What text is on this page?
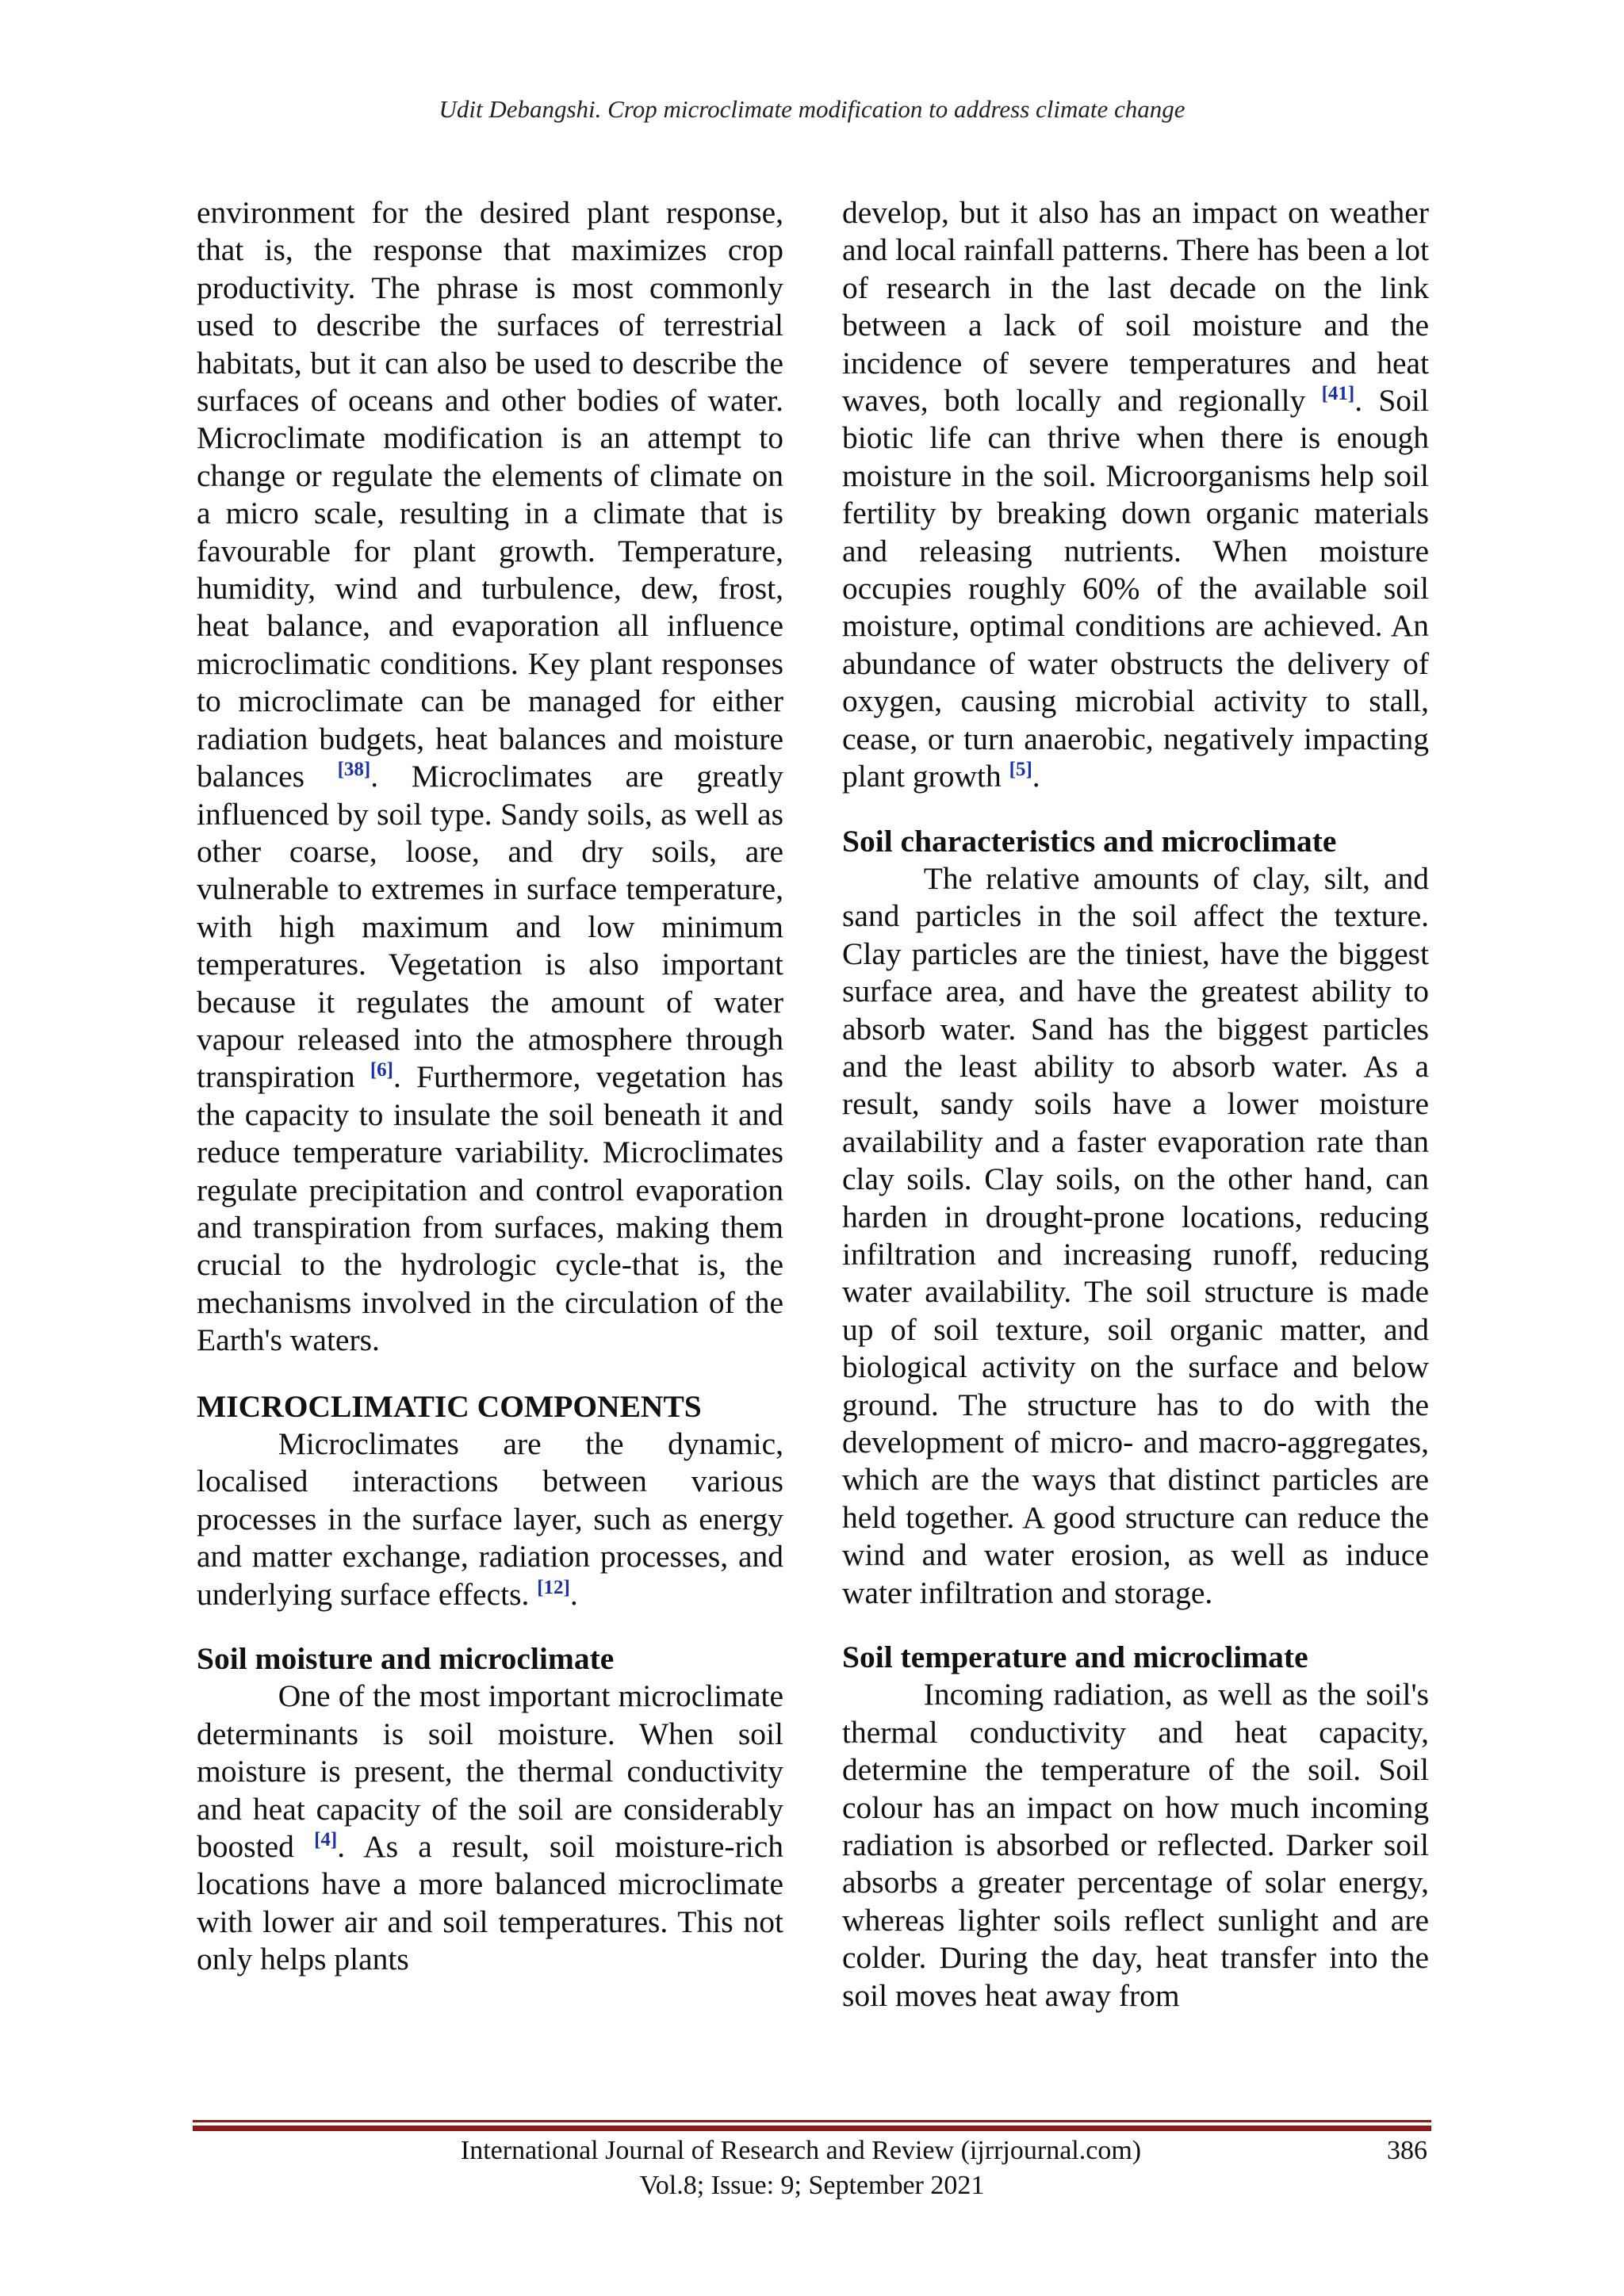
Udit Debangshi. Crop microclimate modification to address climate change

environment for the desired plant response, that is, the response that maximizes crop productivity. The phrase is most commonly used to describe the surfaces of terrestrial habitats, but it can also be used to describe the surfaces of oceans and other bodies of water. Microclimate modification is an attempt to change or regulate the elements of climate on a micro scale, resulting in a climate that is favourable for plant growth. Temperature, humidity, wind and turbulence, dew, frost, heat balance, and evaporation all influence microclimatic conditions. Key plant responses to microclimate can be managed for either radiation budgets, heat balances and moisture balances [38]. Microclimates are greatly influenced by soil type. Sandy soils, as well as other coarse, loose, and dry soils, are vulnerable to extremes in surface temperature, with high maximum and low minimum temperatures. Vegetation is also important because it regulates the amount of water vapour released into the atmosphere through transpiration [6]. Furthermore, vegetation has the capacity to insulate the soil beneath it and reduce temperature variability. Microclimates regulate precipitation and control evaporation and transpiration from surfaces, making them crucial to the hydrologic cycle-that is, the mechanisms involved in the circulation of the Earth's waters.

MICROCLIMATIC COMPONENTS

Microclimates are the dynamic, localised interactions between various processes in the surface layer, such as energy and matter exchange, radiation processes, and underlying surface effects. [12].

Soil moisture and microclimate

One of the most important microclimate determinants is soil moisture. When soil moisture is present, the thermal conductivity and heat capacity of the soil are considerably boosted [4]. As a result, soil moisture-rich locations have a more balanced microclimate with lower air and soil temperatures. This not only helps plants

develop, but it also has an impact on weather and local rainfall patterns. There has been a lot of research in the last decade on the link between a lack of soil moisture and the incidence of severe temperatures and heat waves, both locally and regionally [41]. Soil biotic life can thrive when there is enough moisture in the soil. Microorganisms help soil fertility by breaking down organic materials and releasing nutrients. When moisture occupies roughly 60% of the available soil moisture, optimal conditions are achieved. An abundance of water obstructs the delivery of oxygen, causing microbial activity to stall, cease, or turn anaerobic, negatively impacting plant growth [5].

Soil characteristics and microclimate

The relative amounts of clay, silt, and sand particles in the soil affect the texture. Clay particles are the tiniest, have the biggest surface area, and have the greatest ability to absorb water. Sand has the biggest particles and the least ability to absorb water. As a result, sandy soils have a lower moisture availability and a faster evaporation rate than clay soils. Clay soils, on the other hand, can harden in drought-prone locations, reducing infiltration and increasing runoff, reducing water availability. The soil structure is made up of soil texture, soil organic matter, and biological activity on the surface and below ground. The structure has to do with the development of micro- and macro-aggregates, which are the ways that distinct particles are held together. A good structure can reduce the wind and water erosion, as well as induce water infiltration and storage.

Soil temperature and microclimate

Incoming radiation, as well as the soil's thermal conductivity and heat capacity, determine the temperature of the soil. Soil colour has an impact on how much incoming radiation is absorbed or reflected. Darker soil absorbs a greater percentage of solar energy, whereas lighter soils reflect sunlight and are colder. During the day, heat transfer into the soil moves heat away from

International Journal of Research and Review (ijrrjournal.com)	386
Vol.8; Issue: 9; September 2021
